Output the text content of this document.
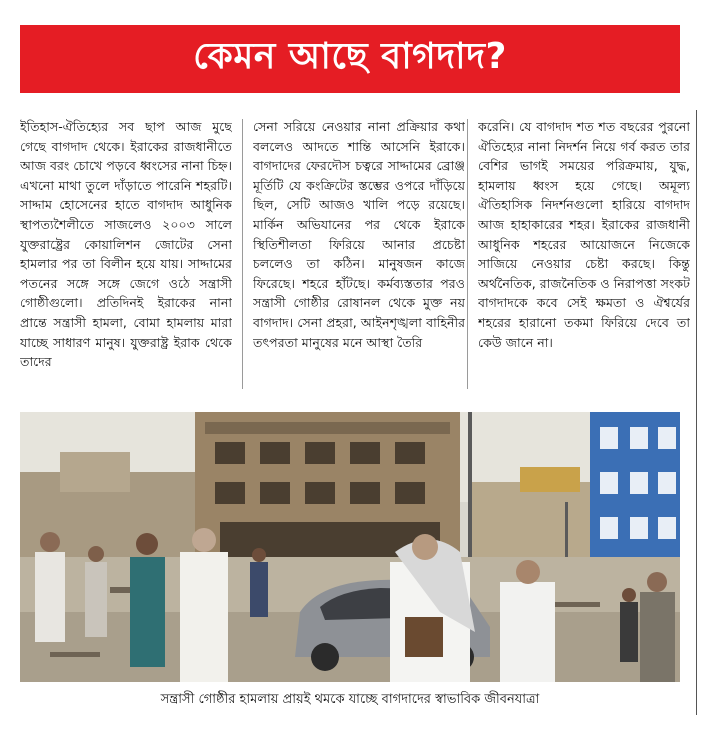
কেমন আছে বাগদাদ?
ইতিহাস-ঐতিহ্যের সব ছাপ আজ মুছে গেছে বাগদাদ থেকে। ইরাকের রাজধানীতে আজ বরং চোখে পড়বে ধ্বংসের নানা চিহ্ন। এখনো মাথা তুলে দাঁড়াতে পারেনি শহরটি। সাদ্দাম হোসেনের হাতে বাগদাদ আধুনিক স্থাপত্যশৈলীতে সাজলেও ২০০৩ সালে যুক্তরাষ্ট্রের কোয়ালিশন জোটের সেনা হামলার পর তা বিলীন হয়ে যায়। সাদ্দামের পতনের সঙ্গে সঙ্গে জেগে ওঠে সন্ত্রাসী গোষ্ঠীগুলো। প্রতিদিনই ইরাকের নানা প্রান্তে সন্ত্রাসী হামলা, বোমা হামলায় মারা যাচ্ছে সাধারণ মানুষ। যুক্তরাষ্ট্র ইরাক থেকে তাদের
সেনা সরিয়ে নেওয়ার নানা প্রক্রিয়ার কথা বললেও আদতে শান্তি আসেনি ইরাকে। বাগদাদের ফেরদৌস চত্বরে সাদ্দামের ব্রোঞ্জ মূর্তিটি যে কংক্রিটের স্তম্ভের ওপরে দাঁড়িয়ে ছিল, সেটি আজও খালি পড়ে রয়েছে। মার্কিন অভিযানের পর থেকে ইরাকে স্থিতিশীলতা ফিরিয়ে আনার প্রচেষ্টা চললেও তা কঠিন। মানুষজন কাজে ফিরেছে। শহরে হাঁটছে। কর্মব্যস্ততার পরও সন্ত্রাসী গোষ্ঠীর রোষানল থেকে মুক্ত নয় বাগদাদ। সেনা প্রহরা, আইনশৃঙ্খলা বাহিনীর তৎপরতা মানুষের মনে আস্থা তৈরি
করেনি। যে বাগদাদ শত শত বছরের পুরনো ঐতিহ্যের নানা নিদর্শন নিয়ে গর্ব করত তার বেশির ভাগই সময়ের পরিক্রমায়, যুদ্ধ, হামলায় ধ্বংস হয়ে গেছে। অমূল্য ঐতিহাসিক নিদর্শনগুলো হারিয়ে বাগদাদ আজ হাহাকারের শহর। ইরাকের রাজধানী আধুনিক শহরের আয়োজনে নিজেকে সাজিয়ে নেওয়ার চেষ্টা করছে। কিন্তু অর্থনৈতিক, রাজনৈতিক ও নিরাপত্তা সংকট বাগদাদকে কবে সেই ক্ষমতা ও ঐশ্বর্যের শহরের হারানো তকমা ফিরিয়ে দেবে তা কেউ জানে না।
সন্ত্রাসী গোষ্ঠীর হামলায় প্রায়ই থমকে যাচ্ছে বাগদাদের স্বাভাবিক জীবনযাত্রা
